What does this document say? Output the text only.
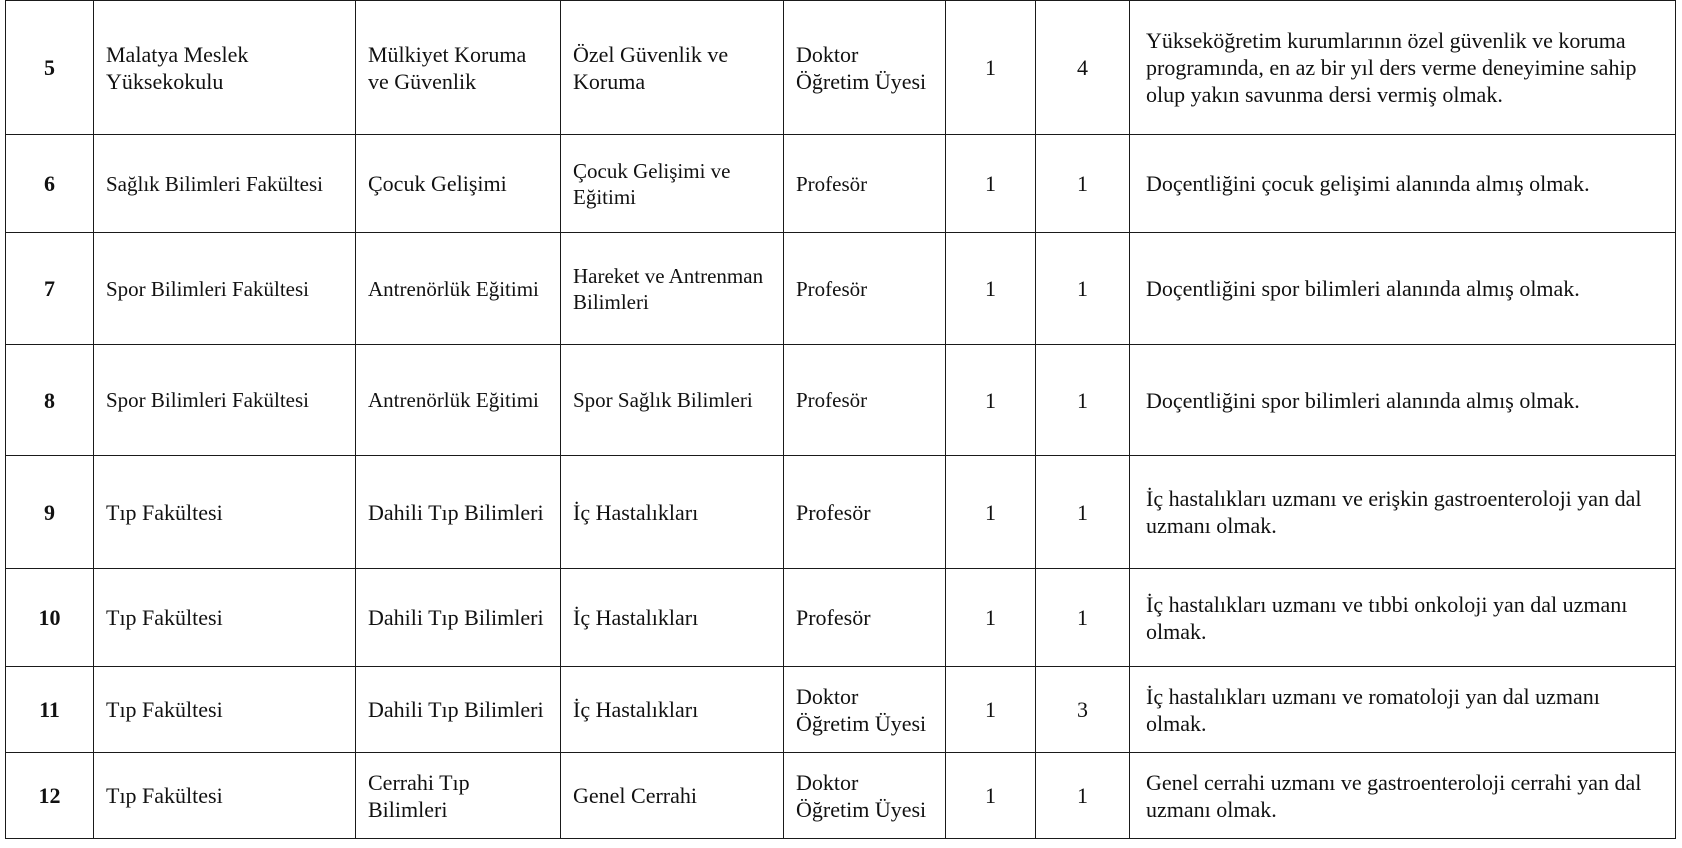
5	Malatya Meslek Yüksekokulu	Mülkiyet Koruma ve Güvenlik	Özel Güvenlik ve Koruma	Doktor Öğretim Üyesi	1	4	Yükseköğretim kurumlarının özel güvenlik ve koruma programında, en az bir yıl ders verme deneyimine sahip olup yakın savunma dersi vermiş olmak.
6	Sağlık Bilimleri Fakültesi	Çocuk Gelişimi	Çocuk Gelişimi ve Eğitimi	Profesör	1	1	Doçentliğini çocuk gelişimi alanında almış olmak.
7	Spor Bilimleri Fakültesi	Antrenörlük Eğitimi	Hareket ve Antrenman Bilimleri	Profesör	1	1	Doçentliğini spor bilimleri alanında almış olmak.
8	Spor Bilimleri Fakültesi	Antrenörlük Eğitimi	Spor Sağlık Bilimleri	Profesör	1	1	Doçentliğini spor bilimleri alanında almış olmak.
9	Tıp Fakültesi	Dahili Tıp Bilimleri	İç Hastalıkları	Profesör	1	1	İç hastalıkları uzmanı ve erişkin gastroenteroloji yan dal uzmanı olmak.
10	Tıp Fakültesi	Dahili Tıp Bilimleri	İç Hastalıkları	Profesör	1	1	İç hastalıkları uzmanı ve tıbbi onkoloji yan dal uzmanı olmak.
11	Tıp Fakültesi	Dahili Tıp Bilimleri	İç Hastalıkları	Doktor Öğretim Üyesi	1	3	İç hastalıkları uzmanı ve romatoloji yan dal uzmanı olmak.
12	Tıp Fakültesi	Cerrahi Tıp Bilimleri	Genel Cerrahi	Doktor Öğretim Üyesi	1	1	Genel cerrahi uzmanı ve gastroenteroloji cerrahi yan dal uzmanı olmak.
